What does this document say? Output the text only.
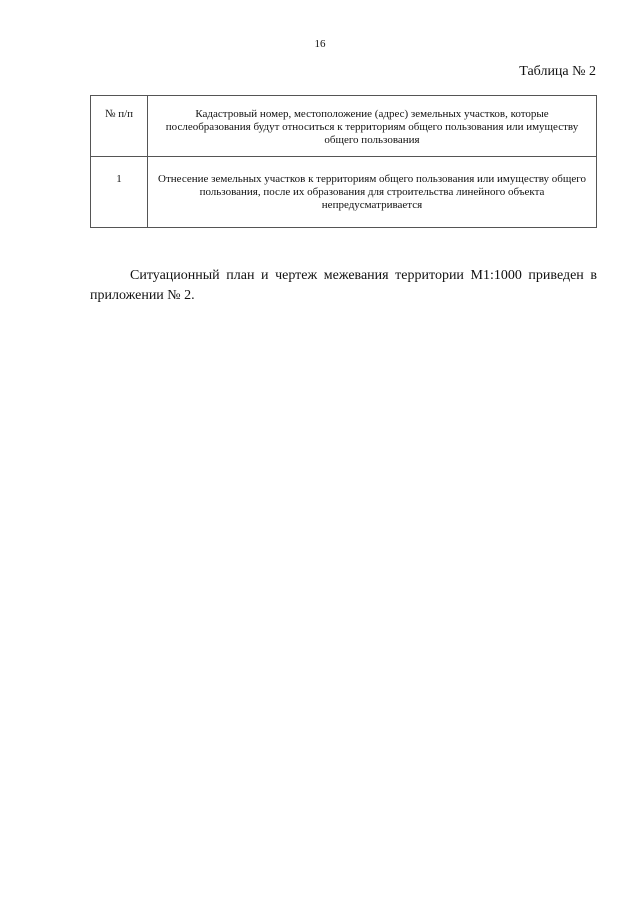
16
Таблица № 2
№ п/п	Кадастровый номер, местоположение (адрес) земельных участков, которые послеобразования будут относиться к территориям общего пользования или имуществу общего пользования
1	Отнесение земельных участков к территориям общего пользования или имуществу общего пользования, после их образования для строительства линейного объекта непредусматривается

Ситуационный план и чертеж межевания территории М1:1000 приведен в приложении № 2.
